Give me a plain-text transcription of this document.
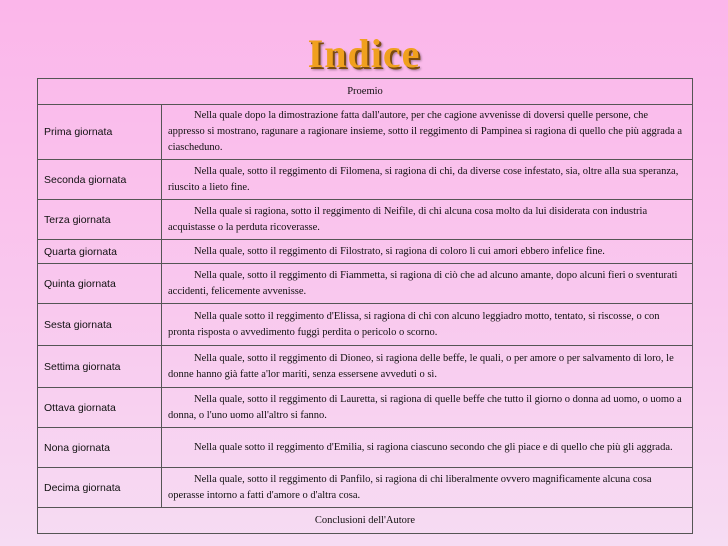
Indice
Proemio	
Prima giornata	Nella quale dopo la dimostrazione fatta dall'autore, per che cagione avvenisse di doversi quelle persone, che appresso si mostrano, ragunare a ragionare insieme, sotto il reggimento di Pampinea si ragiona di quello che più aggrada a ciascheduno.
Seconda giornata	Nella quale, sotto il reggimento di Filomena, si ragiona di chi, da diverse cose infestato, sia, oltre alla sua speranza, riuscito a lieto fine.
Terza giornata	Nella quale si ragiona, sotto il reggimento di Neifile, di chi alcuna cosa molto da lui disiderata con industria acquistasse o la perduta ricoverasse.
Quarta giornata	Nella quale, sotto il reggimento di Filostrato, si ragiona di coloro li cui amori ebbero infelice fine.
Quinta giornata	Nella quale, sotto il reggimento di Fiammetta, si ragiona di ciò che ad alcuno amante, dopo alcuni fieri o sventurati accidenti, felicemente avvenisse.
Sesta giornata	Nella quale sotto il reggimento d'Elissa, si ragiona di chi con alcuno leggiadro motto, tentato, si riscosse, o con pronta risposta o avvedimento fuggì perdita o pericolo o scorno.
Settima giornata	Nella quale, sotto il reggimento di Dioneo, si ragiona delle beffe, le quali, o per amore o per salvamento di loro, le donne hanno già fatte a'lor mariti, senza essersene avveduti o sì.
Ottava giornata	Nella quale, sotto il reggimento di Lauretta, si ragiona di quelle beffe che tutto il giorno o donna ad uomo, o uomo a donna, o l'uno uomo all'altro si fanno.
Nona giornata	Nella quale sotto il reggimento d'Emilia, si ragiona ciascuno secondo che gli piace e di quello che più gli aggrada.
Decima giornata	Nella quale, sotto il reggimento di Panfilo, si ragiona di chi liberalmente ovvero magnificamente alcuna cosa operasse intorno a fatti d'amore o d'altra cosa.
Conclusioni dell'Autore	
